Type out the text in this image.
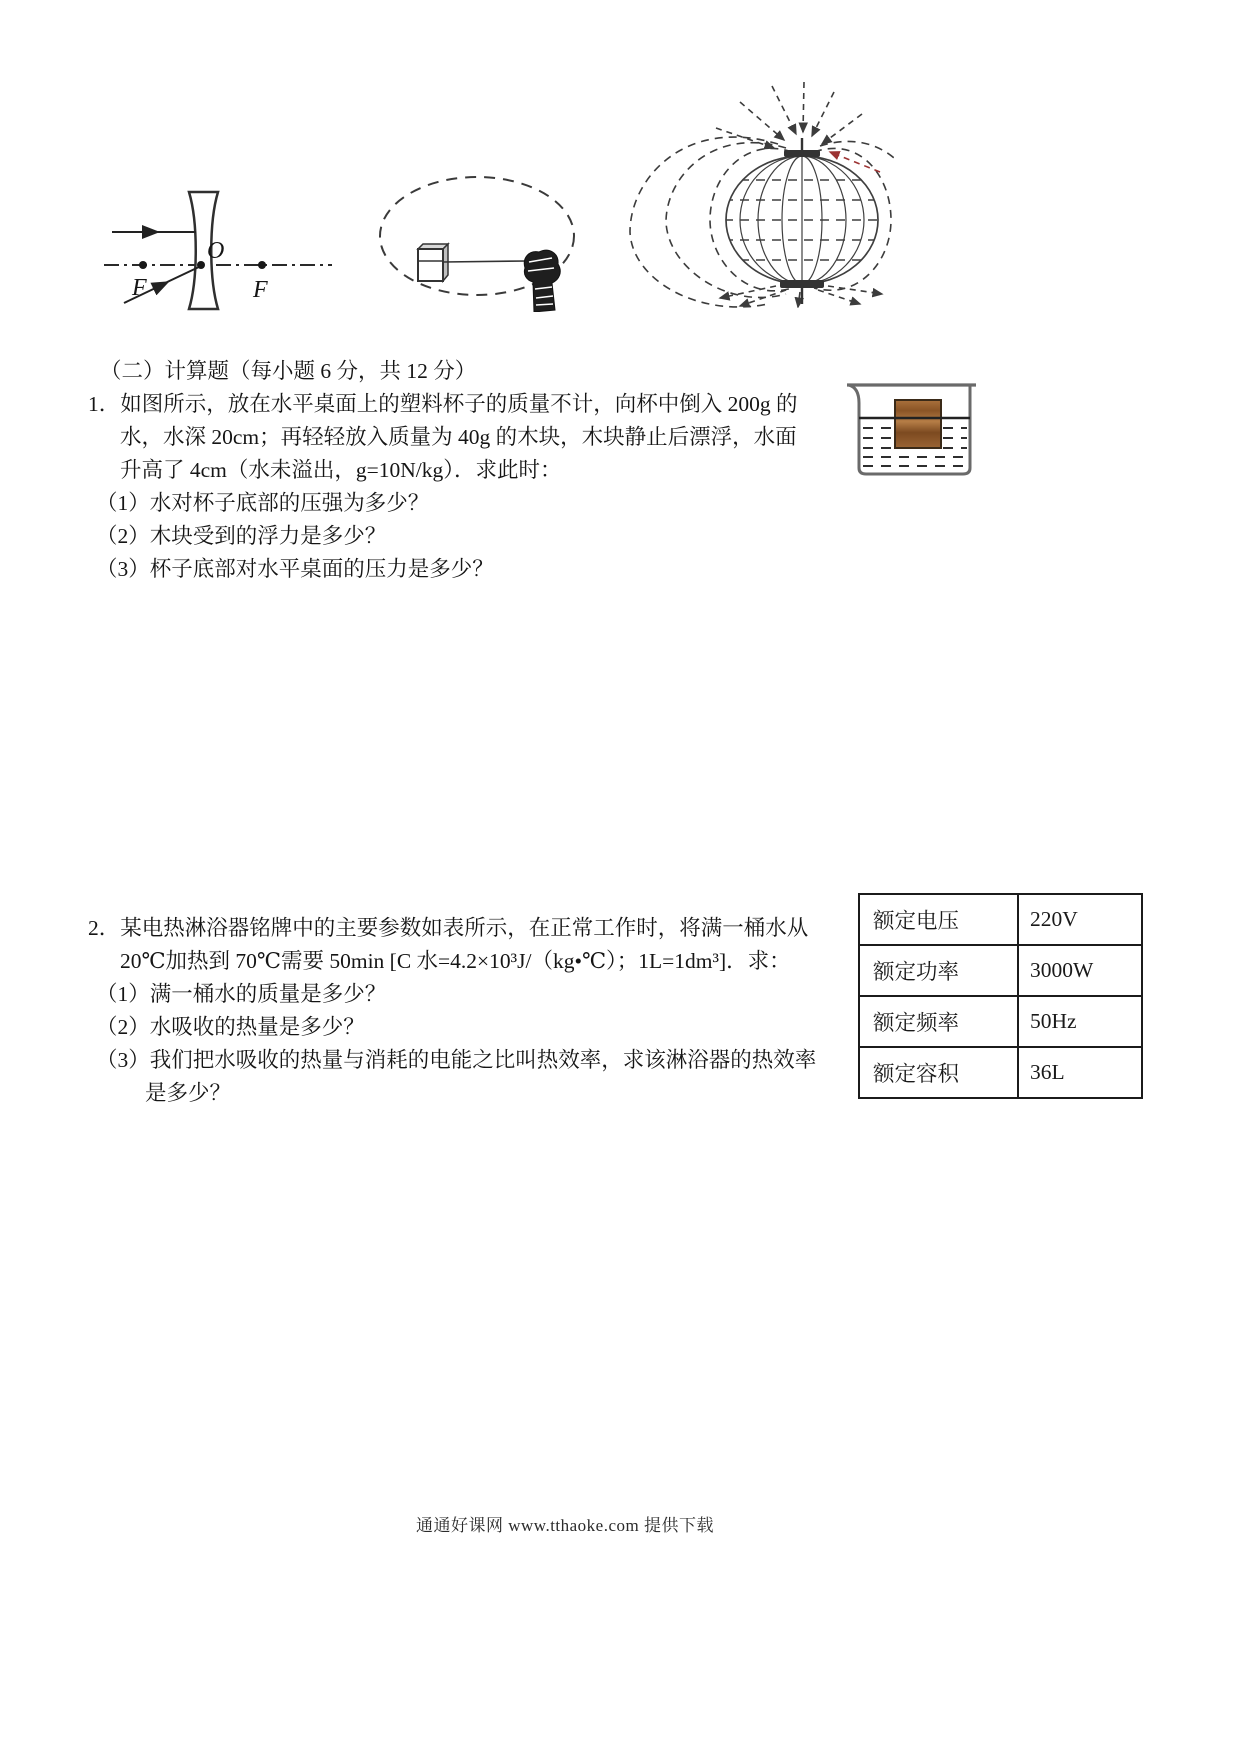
F	F
O
（二）计算题（每小题 6 分，共 12 分）
1．如图所示，放在水平桌面上的塑料杯子的质量不计，向杯中倒入 200g 的
水，水深 20cm；再轻轻放入质量为 40g 的木块，木块静止后漂浮，水面
升高了 4cm（水未溢出，g=10N/kg）．求此时：
（1）水对杯子底部的压强为多少？
（2）木块受到的浮力是多少？
（3）杯子底部对水平桌面的压力是多少？
2．某电热淋浴器铭牌中的主要参数如表所示，在正常工作时，将满一桶水从
20℃加热到 70℃需要 50min [C 水=4.2×10³J/（kg•℃）；1L=1dm³]．求：
（1）满一桶水的质量是多少？
（2）水吸收的热量是多少？
（3）我们把水吸收的热量与消耗的电能之比叫热效率，求该淋浴器的热效率
是多少？
额定电压	220V
额定功率	3000W
额定频率	50Hz
额定容积	36L
通通好课网 www.tthaoke.com 提供下载
